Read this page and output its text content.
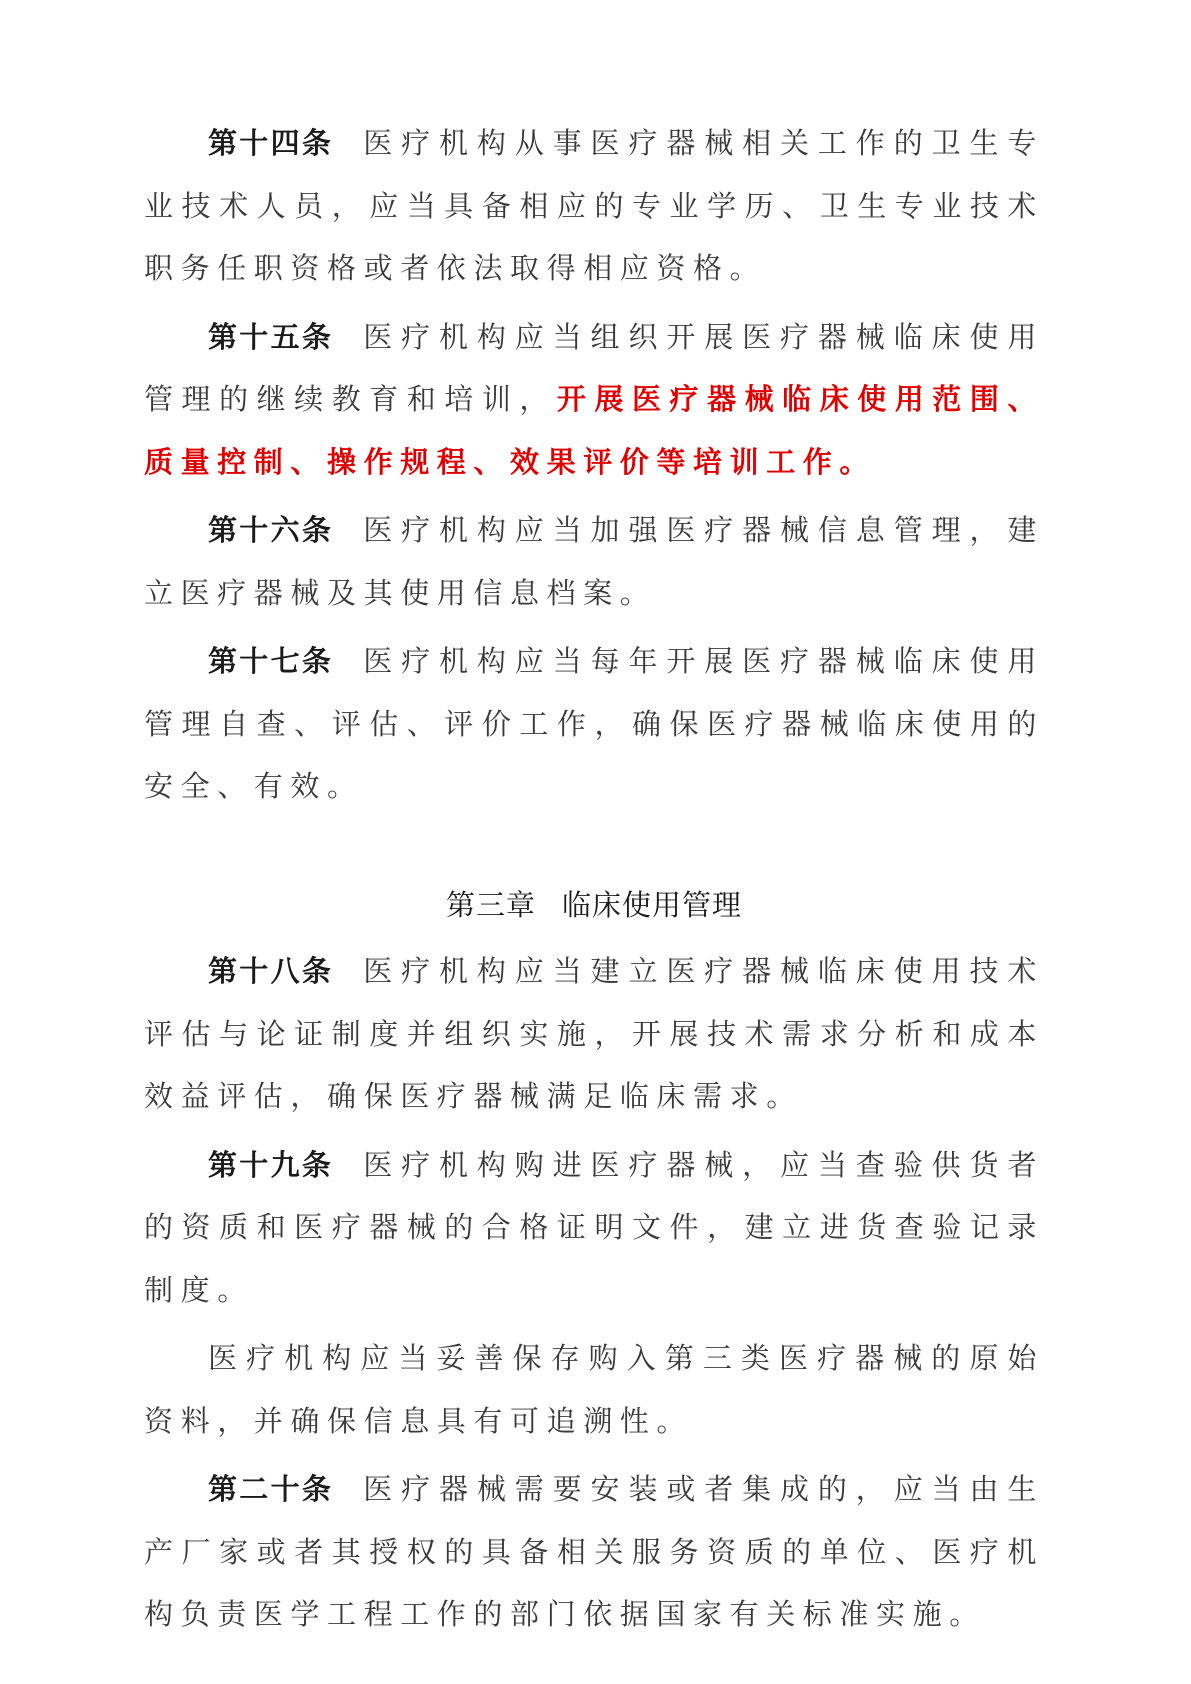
第十四条 医疗机构从事医疗器械相关工作的卫生专业技术人员，应当具备相应的专业学历、卫生专业技术职务任职资格或者依法取得相应资格。

第十五条 医疗机构应当组织开展医疗器械临床使用管理的继续教育和培训，开展医疗器械临床使用范围、质量控制、操作规程、效果评价等培训工作。

第十六条 医疗机构应当加强医疗器械信息管理，建立医疗器械及其使用信息档案。

第十七条 医疗机构应当每年开展医疗器械临床使用管理自查、评估、评价工作，确保医疗器械临床使用的安全、有效。

第三章 临床使用管理

第十八条 医疗机构应当建立医疗器械临床使用技术评估与论证制度并组织实施，开展技术需求分析和成本效益评估，确保医疗器械满足临床需求。

第十九条 医疗机构购进医疗器械，应当查验供货者的资质和医疗器械的合格证明文件，建立进货查验记录制度。

医疗机构应当妥善保存购入第三类医疗器械的原始资料，并确保信息具有可追溯性。

第二十条 医疗器械需要安装或者集成的，应当由生产厂家或者其授权的具备相关服务资质的单位、医疗机构负责医学工程工作的部门依据国家有关标准实施。
